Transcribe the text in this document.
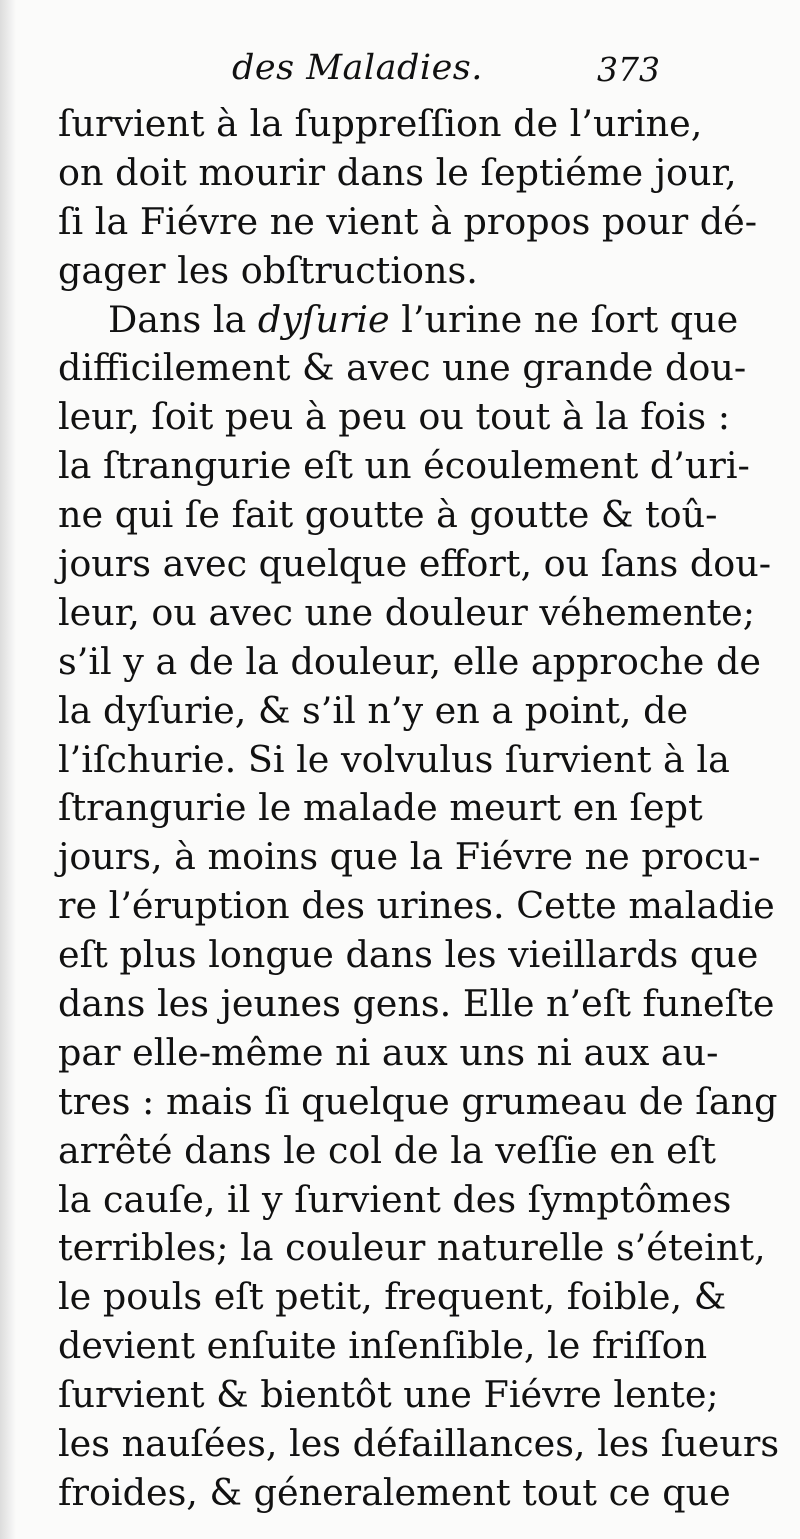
des Maladies.	373
ſurvient à la ſuppreſſion de l’urine,
on doit mourir dans le ſeptiéme jour,
ſi la Fiévre ne vient à propos pour dé-
gager les obſtructions.
Dans la dyſurie l’urine ne ſort que
difficilement & avec une grande dou-
leur, ſoit peu à peu ou tout à la fois :
la ſtrangurie eſt un écoulement d’uri-
ne qui ſe fait goutte à goutte & toû-
jours avec quelque effort, ou ſans dou-
leur, ou avec une douleur véhemente;
s’il y a de la douleur, elle approche de
la dyſurie, & s’il n’y en a point, de
l’iſchurie. Si le volvulus ſurvient à la
ſtrangurie le malade meurt en ſept
jours, à moins que la Fiévre ne procu-
re l’éruption des urines. Cette maladie
eſt plus longue dans les vieillards que
dans les jeunes gens. Elle n’eſt funeſte
par elle-même ni aux uns ni aux au-
tres : mais ſi quelque grumeau de ſang
arrêté dans le col de la veſſie en eſt
la cauſe, il y ſurvient des ſymptômes
terribles; la couleur naturelle s’éteint,
le pouls eſt petit, frequent, foible, &
devient enſuite inſenſible, le friſſon
ſurvient & bientôt une Fiévre lente;
les nauſées, les défaillances, les ſueurs
froides, & géneralement tout ce que
